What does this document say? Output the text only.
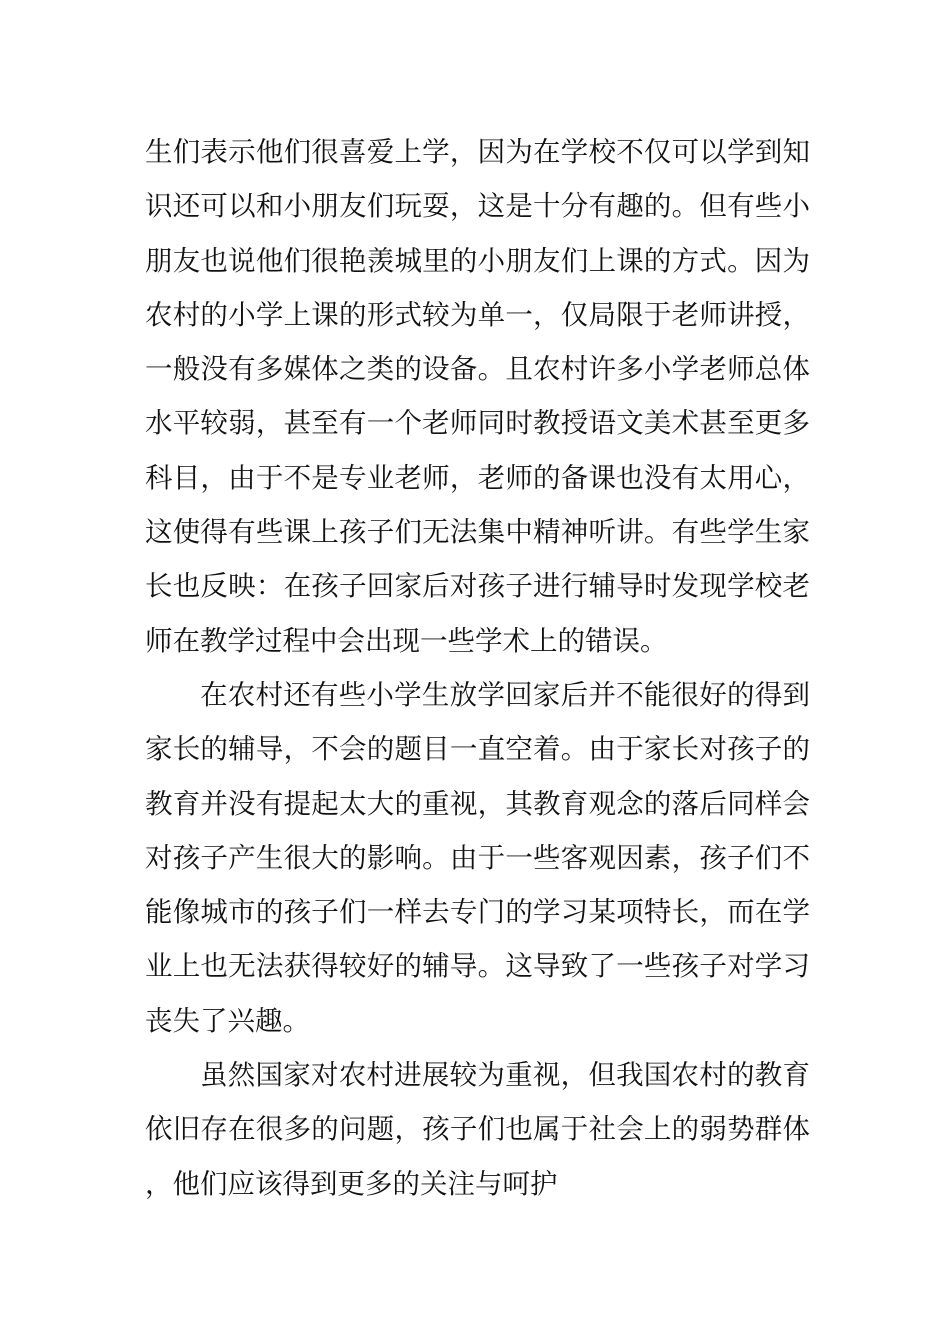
生们表示他们很喜爱上学，因为在学校不仅可以学到知识还可以和小朋友们玩耍，这是十分有趣的。但有些小朋友也说他们很艳羡城里的小朋友们上课的方式。因为农村的小学上课的形式较为单一，仅局限于老师讲授，一般没有多媒体之类的设备。且农村许多小学老师总体水平较弱，甚至有一个老师同时教授语文美术甚至更多科目，由于不是专业老师，老师的备课也没有太用心，这使得有些课上孩子们无法集中精神听讲。有些学生家长也反映：在孩子回家后对孩子进行辅导时发现学校老师在教学过程中会出现一些学术上的错误。

在农村还有些小学生放学回家后并不能很好的得到家长的辅导，不会的题目一直空着。由于家长对孩子的教育并没有提起太大的重视，其教育观念的落后同样会对孩子产生很大的影响。由于一些客观因素，孩子们不能像城市的孩子们一样去专门的学习某项特长，而在学业上也无法获得较好的辅导。这导致了一些孩子对学习丧失了兴趣。

虽然国家对农村进展较为重视，但我国农村的教育依旧存在很多的问题，孩子们也属于社会上的弱势群体，他们应该得到更多的关注与呵护
